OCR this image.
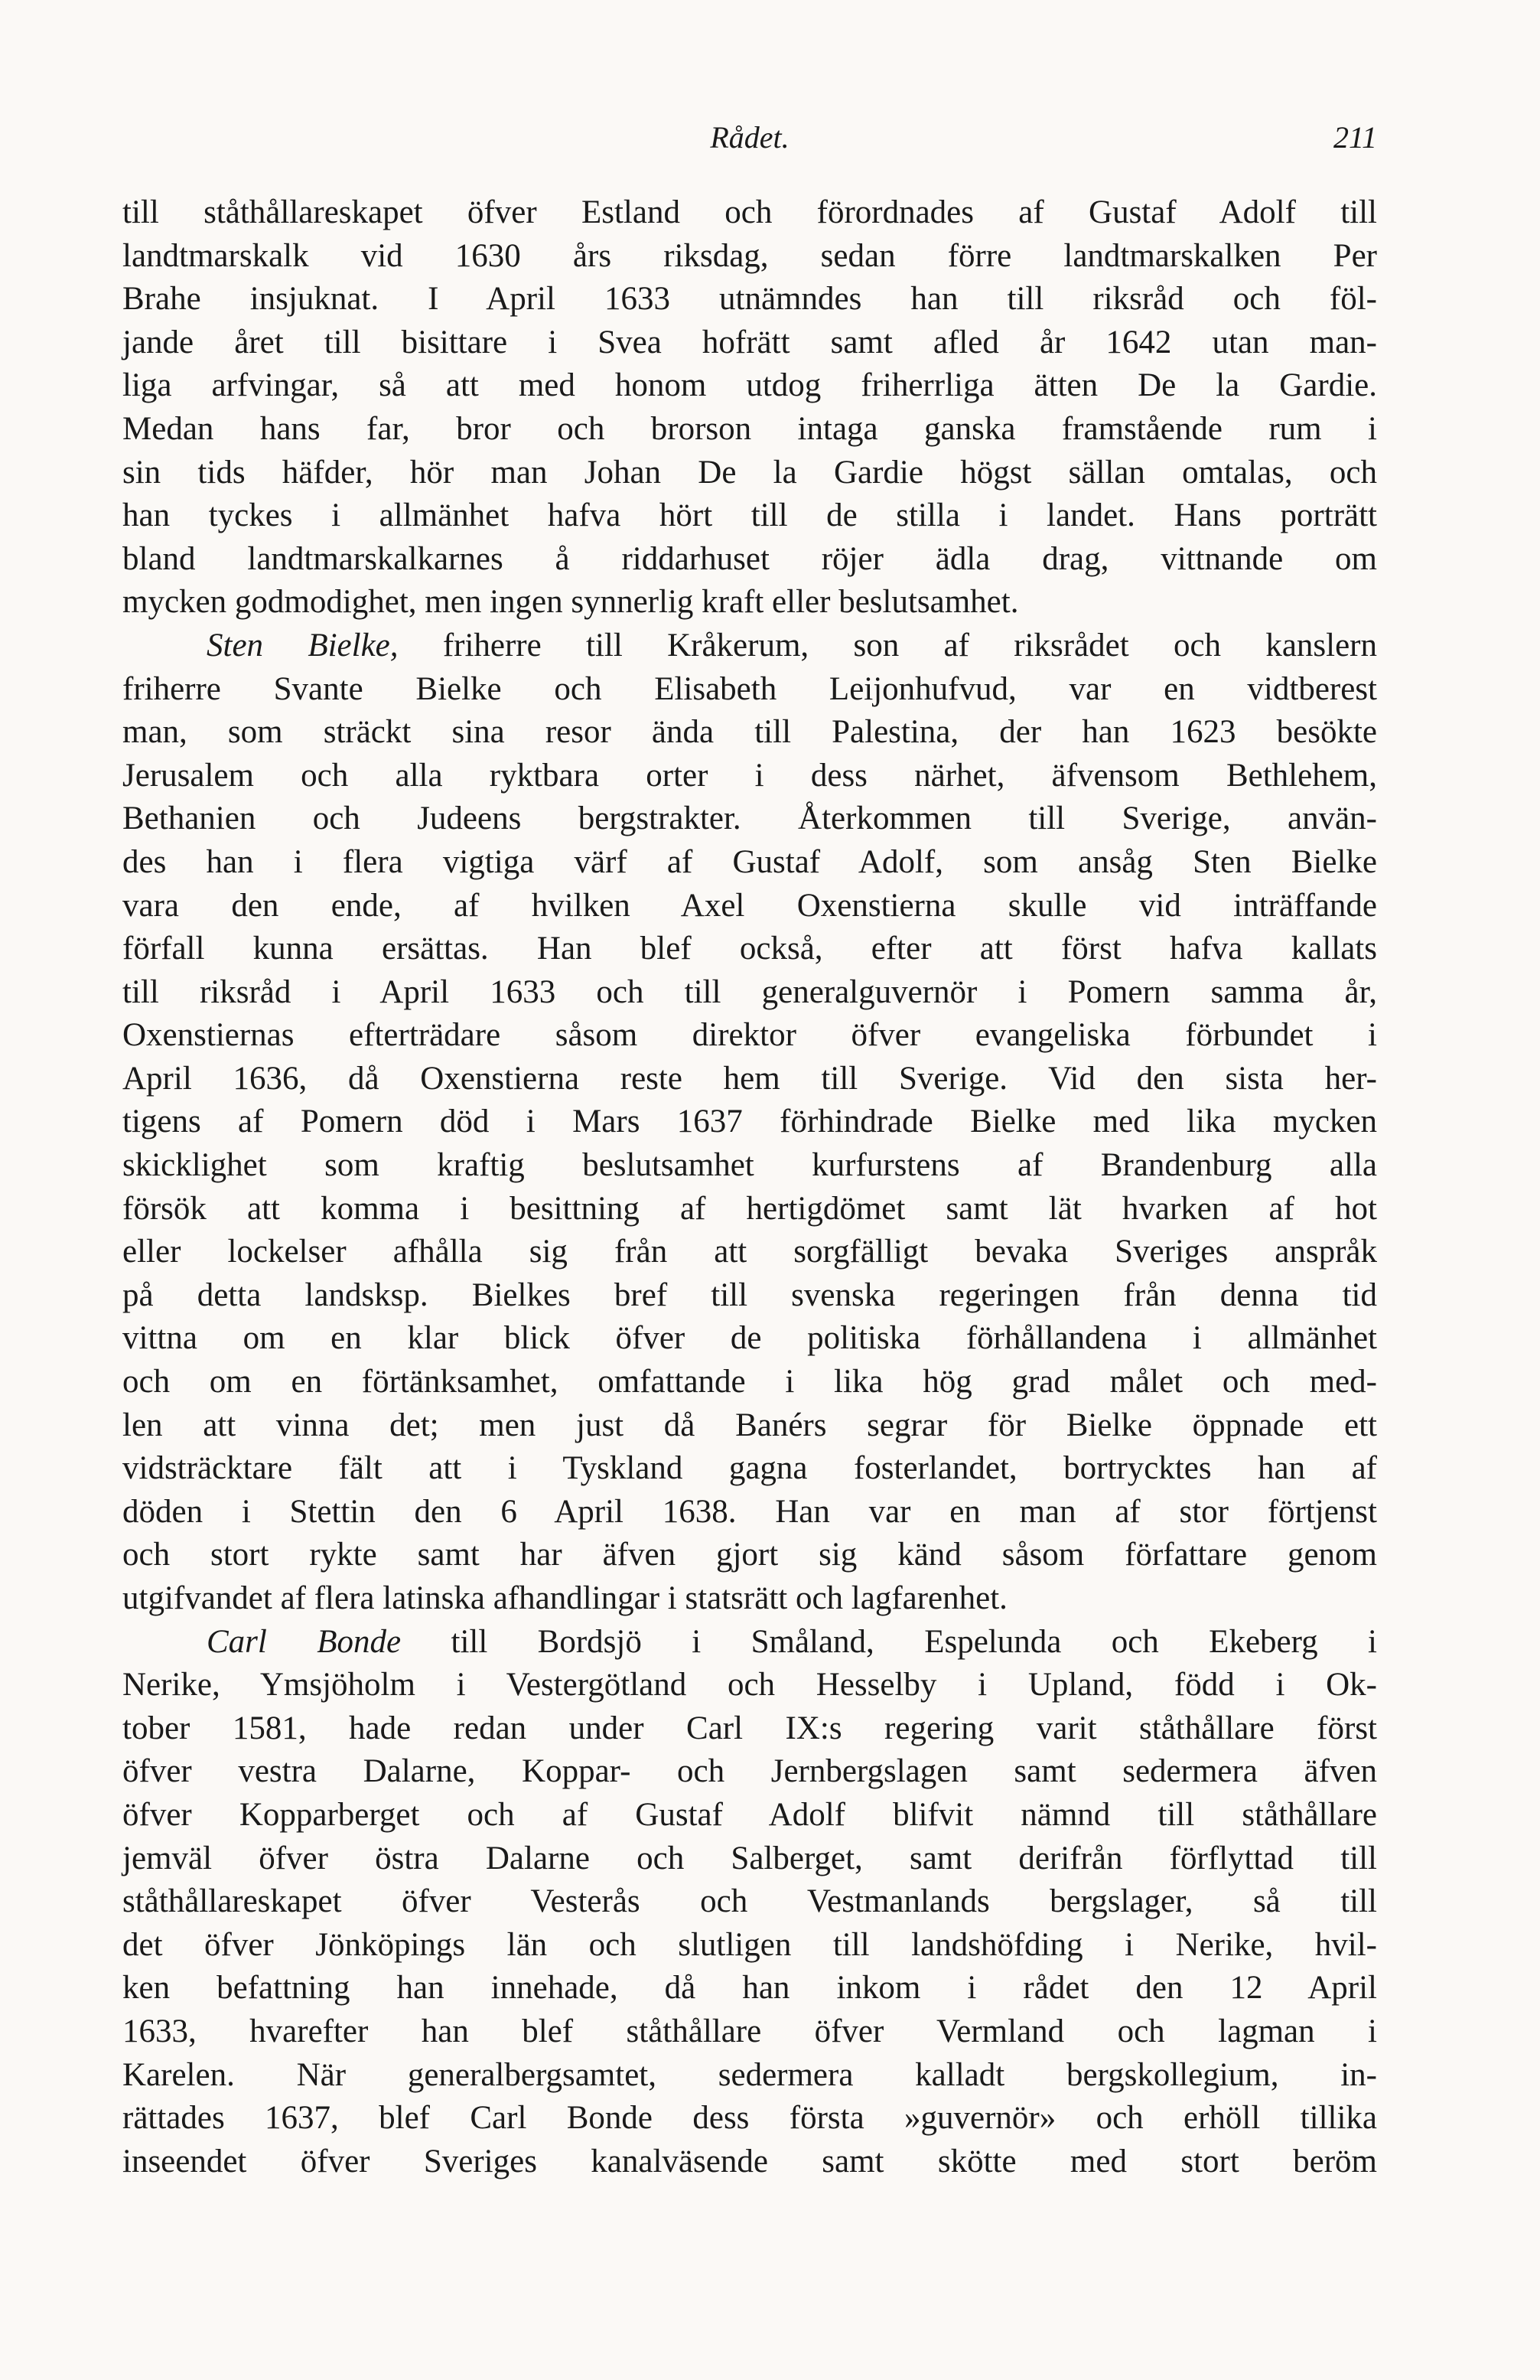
Rådet.	211
till ståthållareskapet öfver Estland och förordnades af Gustaf Adolf till
landtmarskalk vid 1630 års riksdag, sedan förre landtmarskalken Per
Brahe insjuknat. I April 1633 utnämndes han till riksråd och föl-
jande året till bisittare i Svea hofrätt samt afled år 1642 utan man-
liga arfvingar, så att med honom utdog friherrliga ätten De la Gardie.
Medan hans far, bror och brorson intaga ganska framstående rum i
sin tids häfder, hör man Johan De la Gardie högst sällan omtalas, och
han tyckes i allmänhet hafva hört till de stilla i landet. Hans porträtt
bland landtmarskalkarnes å riddarhuset röjer ädla drag, vittnande om
mycken godmodighet, men ingen synnerlig kraft eller beslutsamhet.
Sten Bielke, friherre till Kråkerum, son af riksrådet och kanslern
friherre Svante Bielke och Elisabeth Leijonhufvud, var en vidtberest
man, som sträckt sina resor ända till Palestina, der han 1623 besökte
Jerusalem och alla ryktbara orter i dess närhet, äfvensom Bethlehem,
Bethanien och Judeens bergstrakter. Återkommen till Sverige, använ-
des han i flera vigtiga värf af Gustaf Adolf, som ansåg Sten Bielke
vara den ende, af hvilken Axel Oxenstierna skulle vid inträffande
förfall kunna ersättas. Han blef också, efter att först hafva kallats
till riksråd i April 1633 och till generalguvernör i Pomern samma år,
Oxenstiernas efterträdare såsom direktor öfver evangeliska förbundet i
April 1636, då Oxenstierna reste hem till Sverige. Vid den sista her-
tigens af Pomern död i Mars 1637 förhindrade Bielke med lika mycken
skicklighet som kraftig beslutsamhet kurfurstens af Brandenburg alla
försök att komma i besittning af hertigdömet samt lät hvarken af hot
eller lockelser afhålla sig från att sorgfälligt bevaka Sveriges anspråk
på detta landsksp. Bielkes bref till svenska regeringen från denna tid
vittna om en klar blick öfver de politiska förhållandena i allmänhet
och om en förtänksamhet, omfattande i lika hög grad målet och med-
len att vinna det; men just då Banérs segrar för Bielke öppnade ett
vidsträcktare fält att i Tyskland gagna fosterlandet, bortrycktes han af
döden i Stettin den 6 April 1638. Han var en man af stor förtjenst
och stort rykte samt har äfven gjort sig känd såsom författare genom
utgifvandet af flera latinska afhandlingar i statsrätt och lagfarenhet.
Carl Bonde till Bordsjö i Småland, Espelunda och Ekeberg i
Nerike, Ymsjöholm i Vestergötland och Hesselby i Upland, född i Ok-
tober 1581, hade redan under Carl IX:s regering varit ståthållare först
öfver vestra Dalarne, Koppar- och Jernbergslagen samt sedermera äfven
öfver Kopparberget och af Gustaf Adolf blifvit nämnd till ståthållare
jemväl öfver östra Dalarne och Salberget, samt derifrån förflyttad till
ståthållareskapet öfver Vesterås och Vestmanlands bergslager, så till
det öfver Jönköpings län och slutligen till landshöfding i Nerike, hvil-
ken befattning han innehade, då han inkom i rådet den 12 April
1633, hvarefter han blef ståthållare öfver Vermland och lagman i
Karelen. När generalbergsamtet, sedermera kalladt bergskollegium, in-
rättades 1637, blef Carl Bonde dess första »guvernör» och erhöll tillika
inseendet öfver Sveriges kanalväsende samt skötte med stort beröm
